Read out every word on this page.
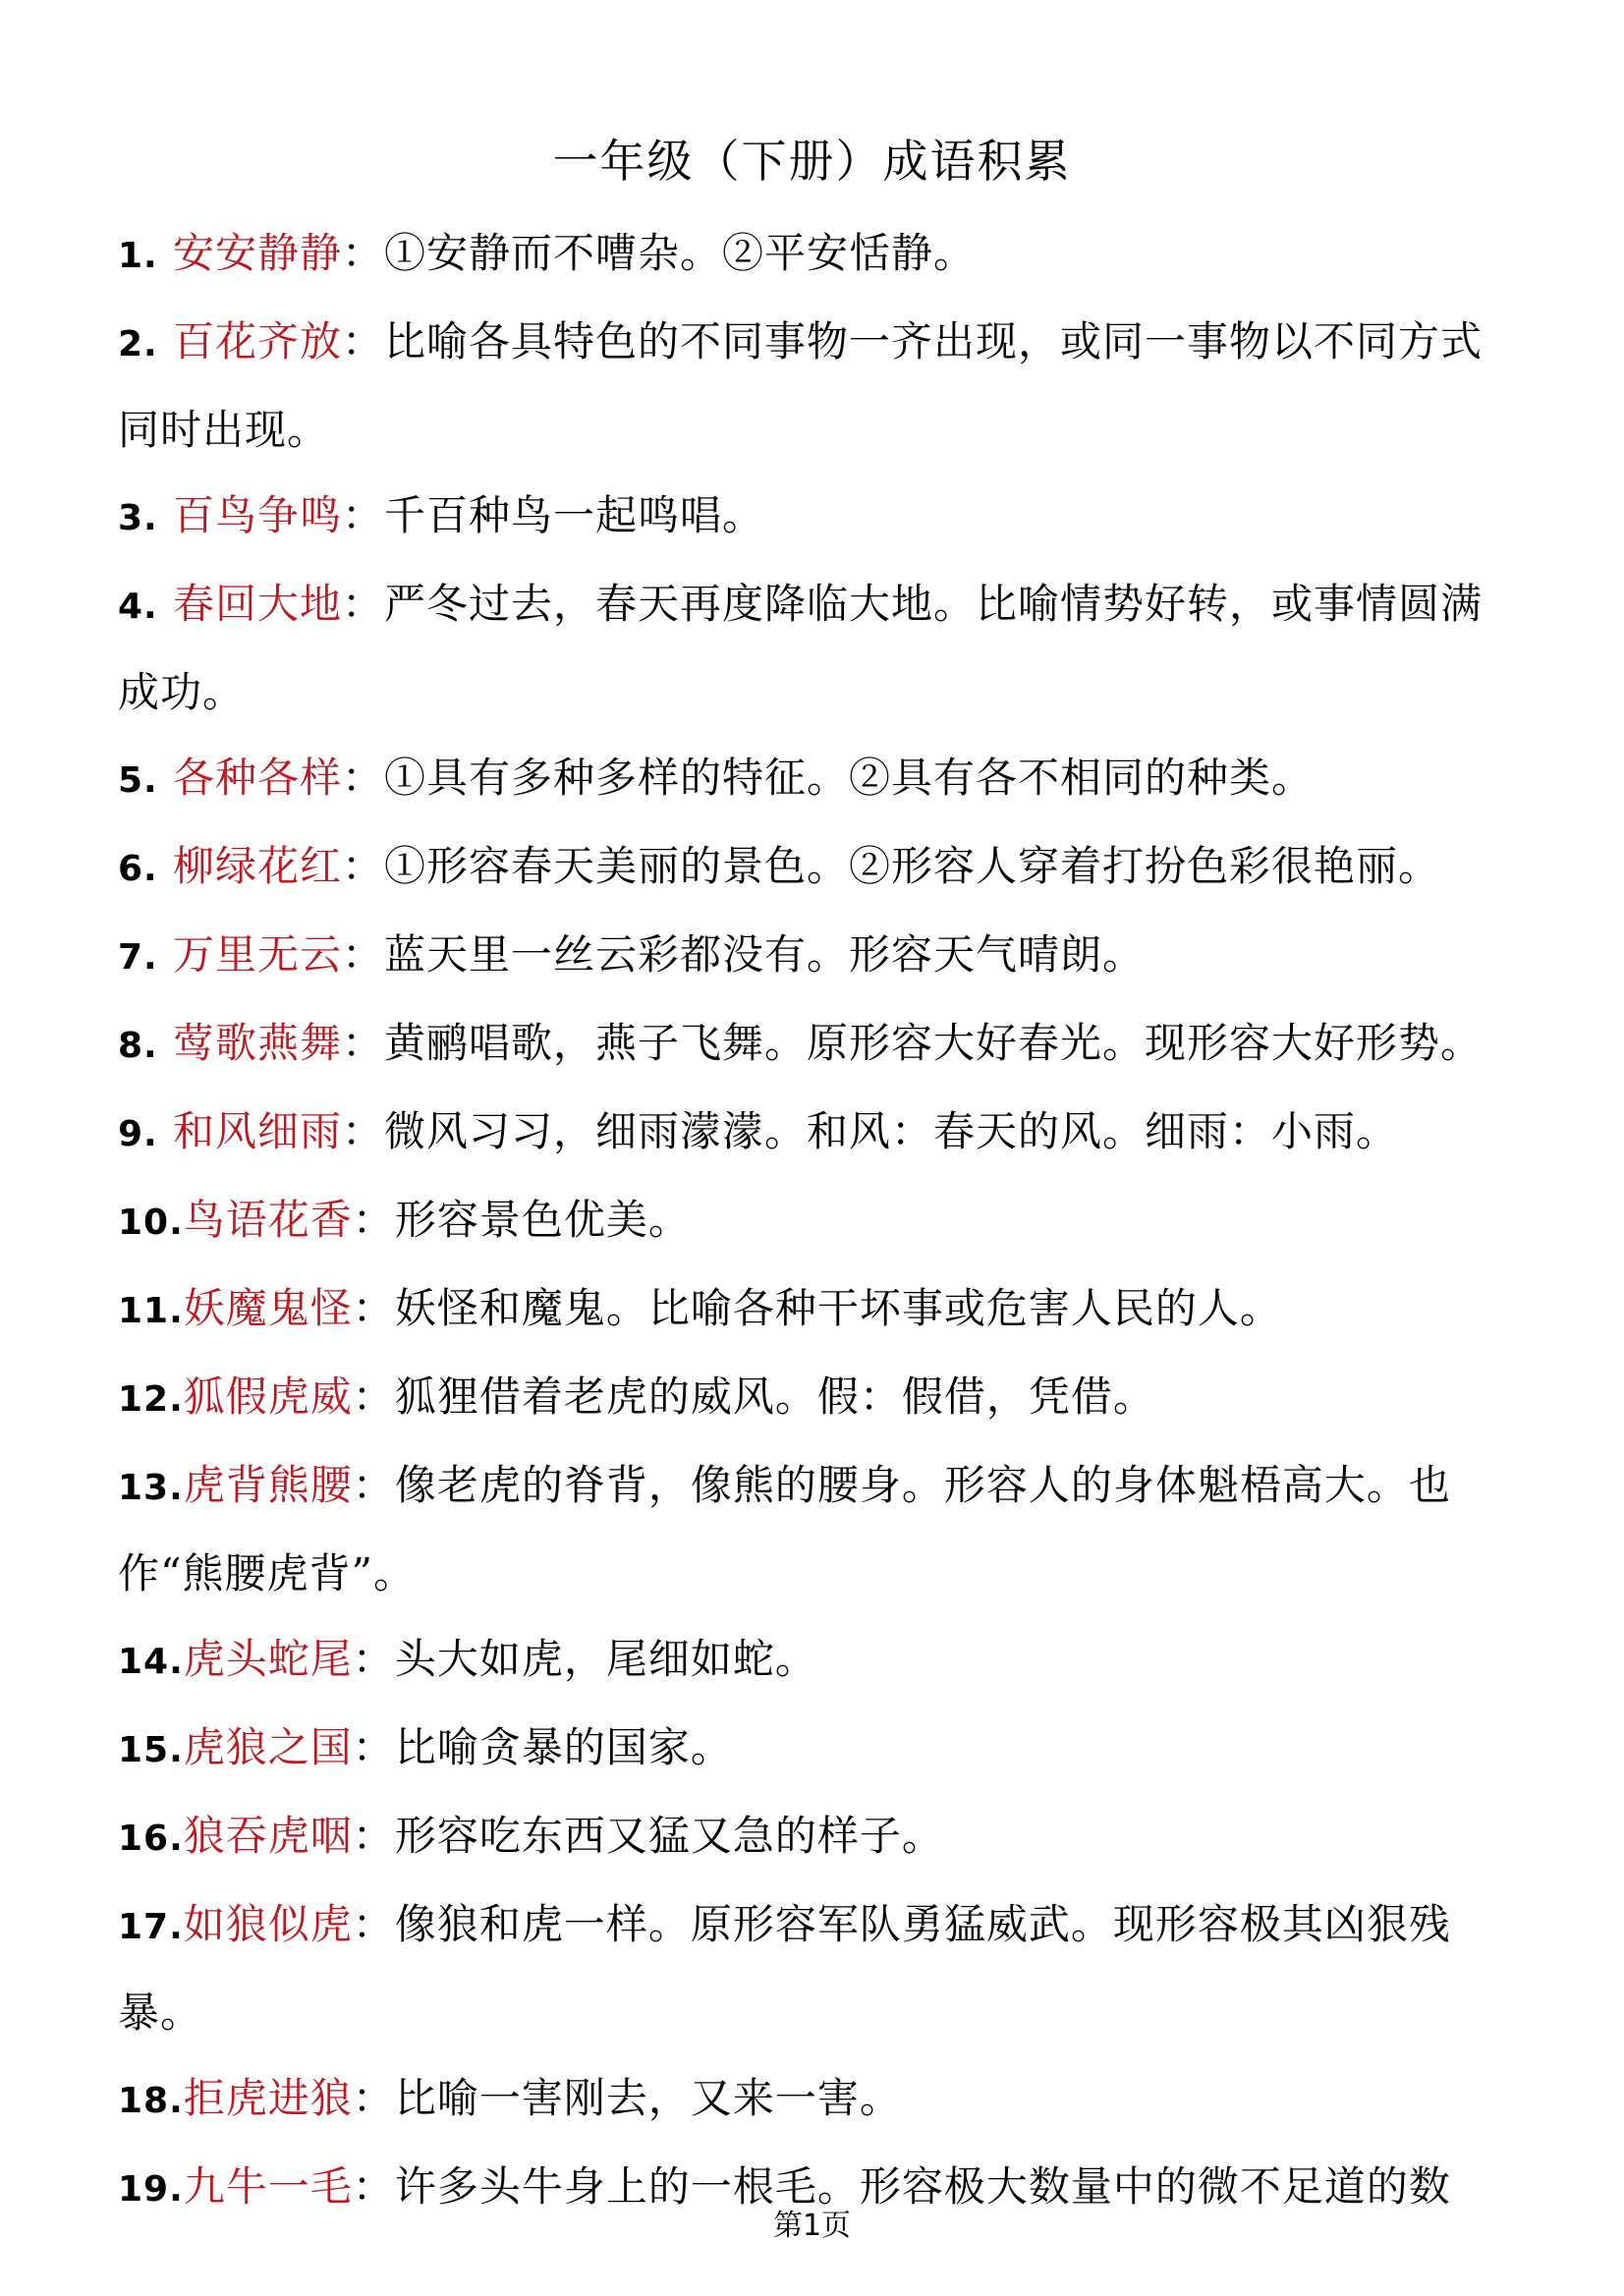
一年级（下册）成语积累

1. 安安静静：①安静而不嘈杂。②平安恬静。

2. 百花齐放：比喻各具特色的不同事物一齐出现，或同一事物以不同方式同时出现。

3. 百鸟争鸣：千百种鸟一起鸣唱。

4. 春回大地：严冬过去，春天再度降临大地。比喻情势好转，或事情圆满成功。

5. 各种各样：①具有多种多样的特征。②具有各不相同的种类。

6. 柳绿花红：①形容春天美丽的景色。②形容人穿着打扮色彩很艳丽。

7. 万里无云：蓝天里一丝云彩都没有。形容天气晴朗。

8. 莺歌燕舞：黄鹂唱歌，燕子飞舞。原形容大好春光。现形容大好形势。

9. 和风细雨：微风习习，细雨濛濛。和风：春天的风。细雨：小雨。

10.鸟语花香：形容景色优美。

11.妖魔鬼怪：妖怪和魔鬼。比喻各种干坏事或危害人民的人。

12.狐假虎威：狐狸借着老虎的威风。假：假借，凭借。

13.虎背熊腰：像老虎的脊背，像熊的腰身。形容人的身体魁梧高大。也作“熊腰虎背”。

14.虎头蛇尾：头大如虎，尾细如蛇。

15.虎狼之国：比喻贪暴的国家。

16.狼吞虎咽：形容吃东西又猛又急的样子。

17.如狼似虎：像狼和虎一样。原形容军队勇猛威武。现形容极其凶狠残暴。

18.拒虎进狼：比喻一害刚去，又来一害。

19.九牛一毛：许多头牛身上的一根毛。形容极大数量中的微不足道的数

第1页
